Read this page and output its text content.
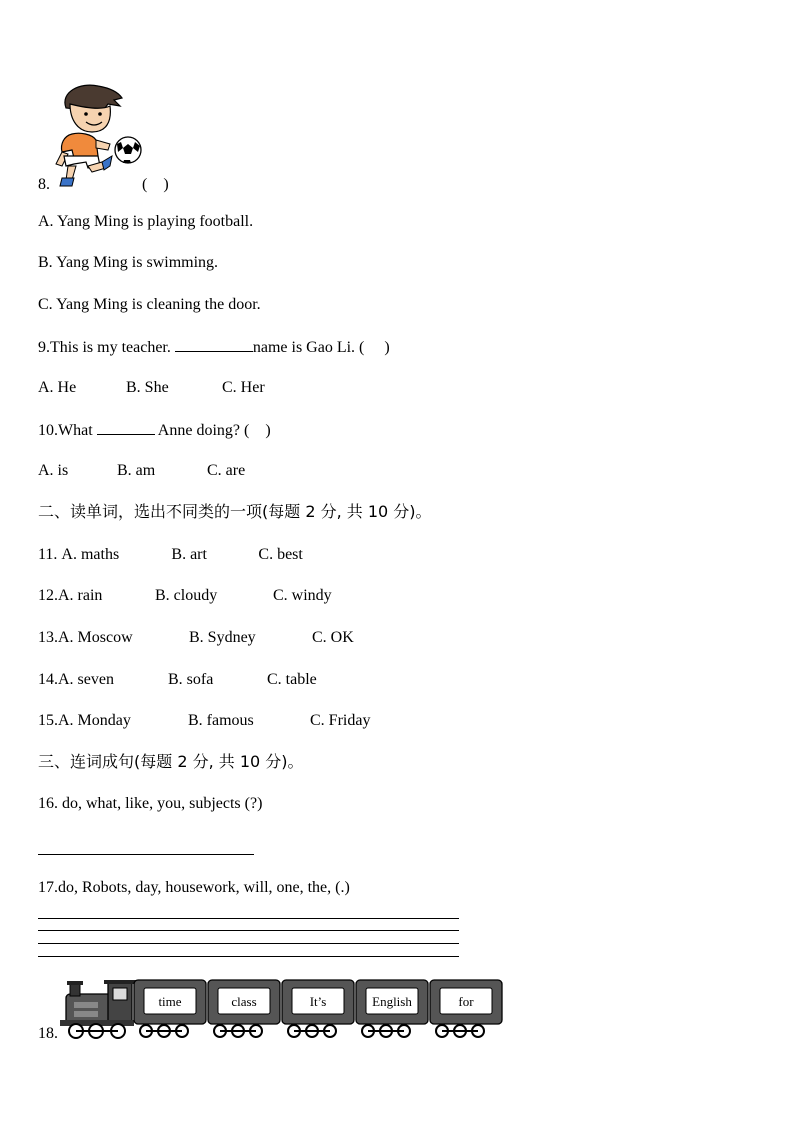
8.	(　)
A. Yang Ming is playing football.
B. Yang Ming is swimming.
C. Yang Ming is cleaning the door.
9.This is my teacher.	name is Gao Li. (　 )
A. He	B. She	C. Her
10.What	Anne doing? (　)
A. is	B. am	C. are
二、读单词，选出不同类的一项(每题 2 分, 共 10 分)。
11. A. maths	B. art	C. best
12.A. rain	B. cloudy	C. windy
13.A. Moscow	B. Sydney	C. OK
14.A. seven	B. sofa	C. table
15.A. Monday	B. famous	C. Friday
三、连词成句(每题 2 分, 共 10 分)。
16. do, what, like, you, subjects (?)
17.do, Robots, day, housework, will, one, the, (.)
18.
time	class	It’s	English	for
